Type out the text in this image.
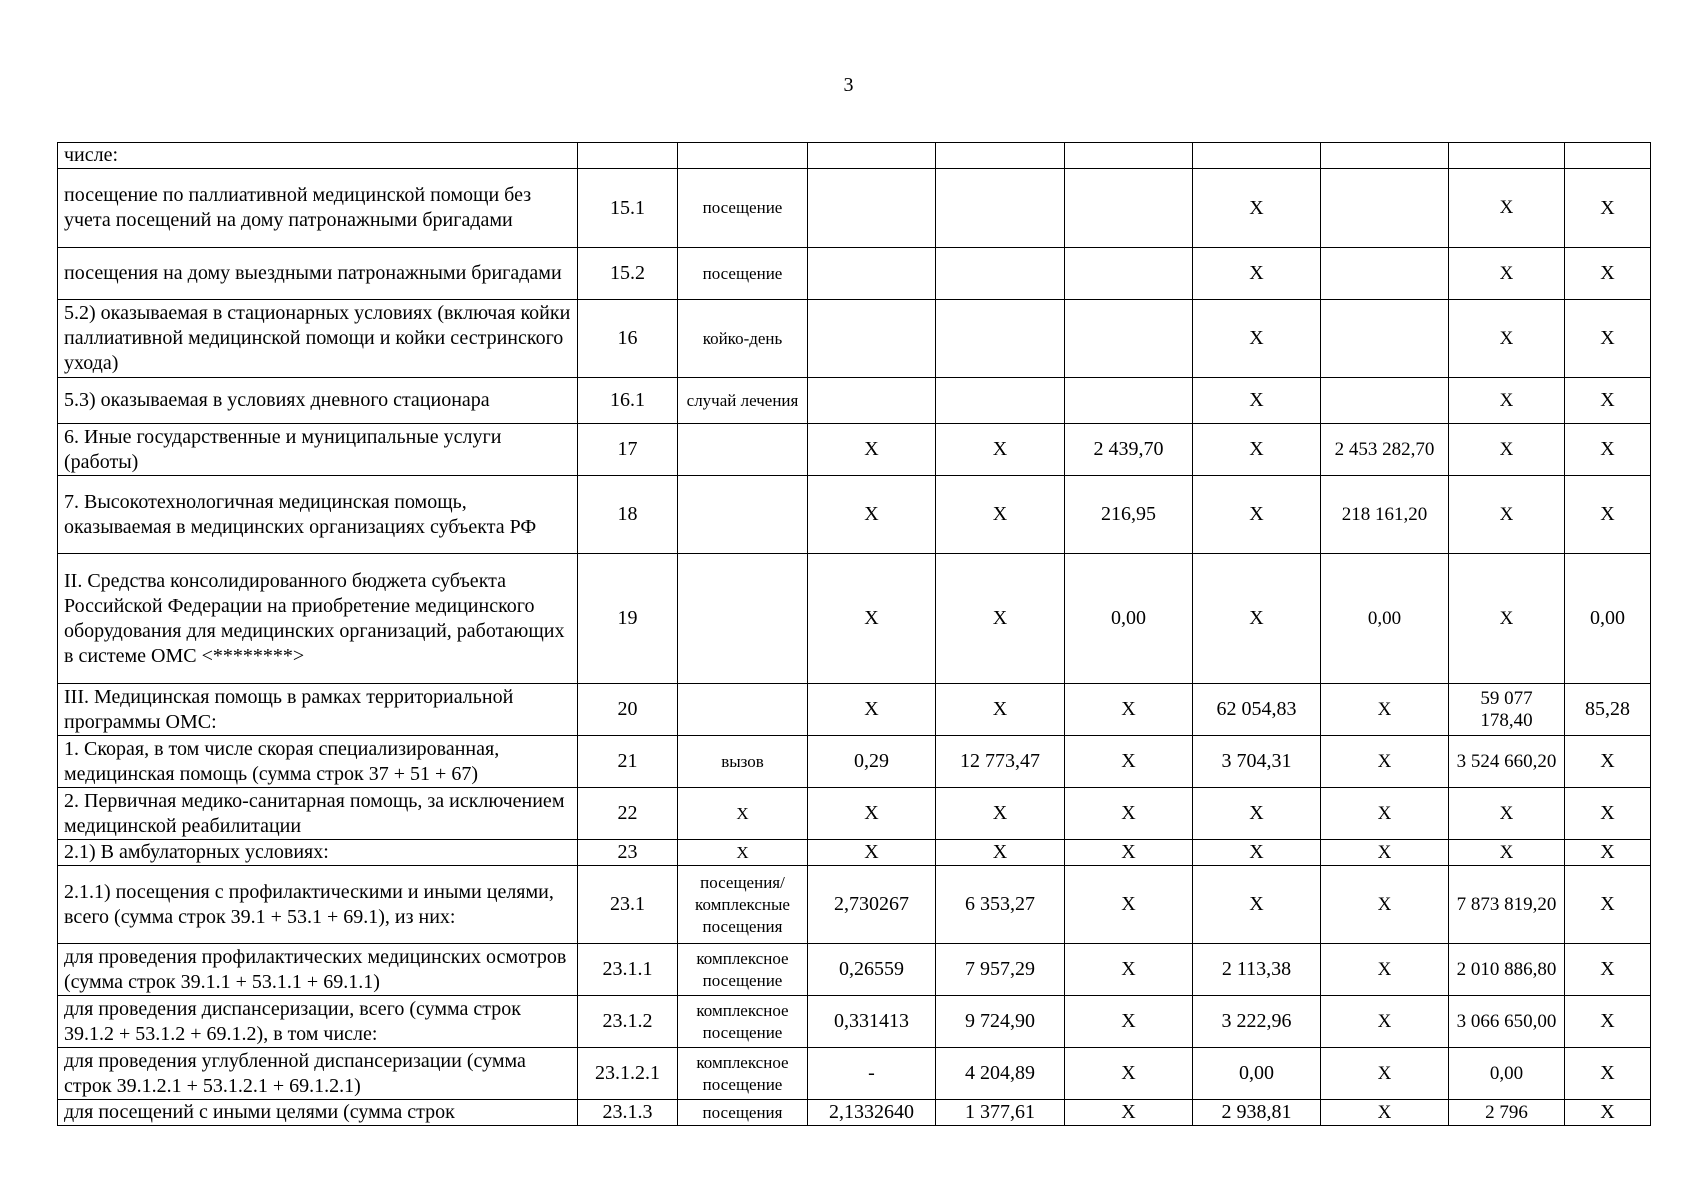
3
числе:									
посещение по паллиативной медицинской помощи без учета посещений на дому патронажными бригадами	15.1	посещение				X		X	X
посещения на дому выездными патронажными бригадами	15.2	посещение				X		X	X
5.2) оказываемая в стационарных условиях (включая койки паллиативной медицинской помощи и койки сестринского ухода)	16	койко-день				X		X	X
5.3) оказываемая в условиях дневного стационара	16.1	случай лечения				X		X	X
6. Иные государственные и муниципальные услуги (работы)	17		X	X	2 439,70	X	2 453 282,70	X	X
7. Высокотехнологичная медицинская помощь, оказываемая в медицинских организациях субъекта РФ	18		X	X	216,95	X	218 161,20	X	X
II. Средства консолидированного бюджета субъекта Российской Федерации на приобретение медицинского оборудования для медицинских организаций, работающих в системе ОМС <********>	19		X	X	0,00	X	0,00	X	0,00
III. Медицинская помощь в рамках территориальной программы ОМС:	20		X	X	X	62 054,83	X	59 077 178,40	85,28
1. Скорая, в том числе скорая специализированная, медицинская помощь (сумма строк 37 + 51 + 67)	21	вызов	0,29	12 773,47	X	3 704,31	X	3 524 660,20	X
2. Первичная медико-санитарная помощь, за исключением медицинской реабилитации	22	X	X	X	X	X	X	X	X
2.1) В амбулаторных условиях:	23	X	X	X	X	X	X	X	X
2.1.1) посещения с профилактическими и иными целями, всего (сумма строк 39.1 + 53.1 + 69.1), из них:	23.1	посещения/комплексные посещения	2,730267	6 353,27	X	X	X	7 873 819,20	X
для проведения профилактических медицинских осмотров (сумма строк 39.1.1 + 53.1.1 + 69.1.1)	23.1.1	комплексное посещение	0,26559	7 957,29	X	2 113,38	X	2 010 886,80	X
для проведения диспансеризации, всего (сумма строк 39.1.2 + 53.1.2 + 69.1.2), в том числе:	23.1.2	комплексное посещение	0,331413	9 724,90	X	3 222,96	X	3 066 650,00	X
для проведения углубленной диспансеризации (сумма строк 39.1.2.1 + 53.1.2.1 + 69.1.2.1)	23.1.2.1	комплексное посещение	-	4 204,89	X	0,00	X	0,00	X
для посещений с иными целями (сумма строк	23.1.3	посещения	2,1332640	1 377,61	X	2 938,81	X	2 796	X
